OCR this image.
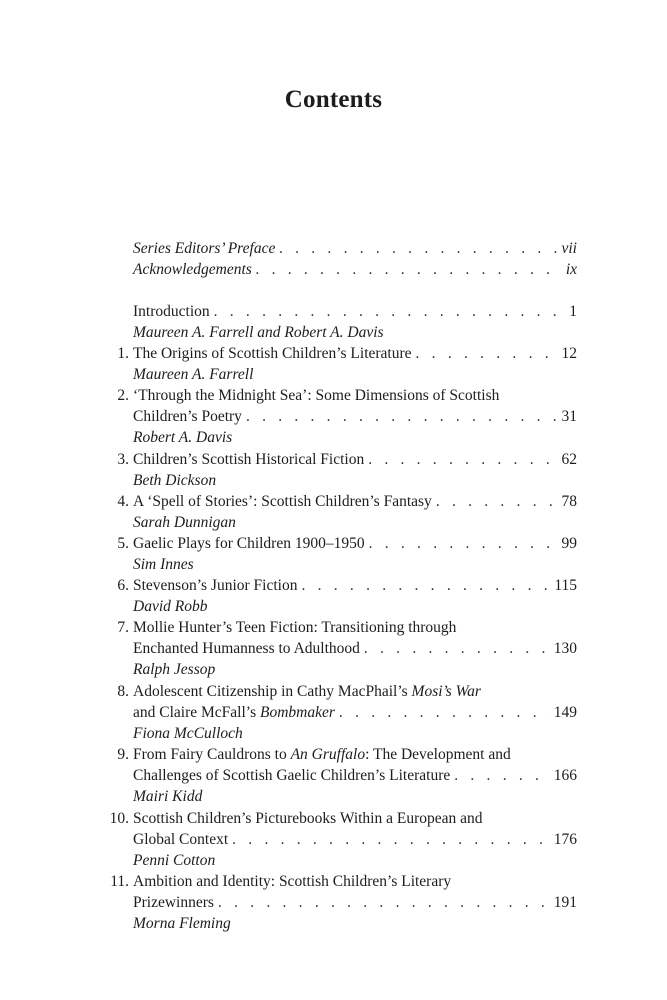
Contents
Series Editors’ Preface . . .	vii
Acknowledgements . . .	ix
Introduction . . .	1
Maureen A. Farrell and Robert A. Davis
1. The Origins of Scottish Children’s Literature . . .	12
Maureen A. Farrell
2. ‘Through the Midnight Sea’: Some Dimensions of Scottish
Children’s Poetry . . .	31
Robert A. Davis
3. Children’s Scottish Historical Fiction . . .	62
Beth Dickson
4. A ‘Spell of Stories’: Scottish Children’s Fantasy . . .	78
Sarah Dunnigan
5. Gaelic Plays for Children 1900–1950 . . .	99
Sim Innes
6. Stevenson’s Junior Fiction . . .	115
David Robb
7. Mollie Hunter’s Teen Fiction: Transitioning through
Enchanted Humanness to Adulthood . . .	130
Ralph Jessop
8. Adolescent Citizenship in Cathy MacPhail’s Mosi’s War
and Claire McFall’s Bombmaker . . .	149
Fiona McCulloch
9. From Fairy Cauldrons to An Gruffalo: The Development and
Challenges of Scottish Gaelic Children’s Literature . . .	166
Mairi Kidd
10. Scottish Children’s Picturebooks Within a European and
Global Context . . .	176
Penni Cotton
11. Ambition and Identity: Scottish Children’s Literary
Prizewinners . . .	191
Morna Fleming
